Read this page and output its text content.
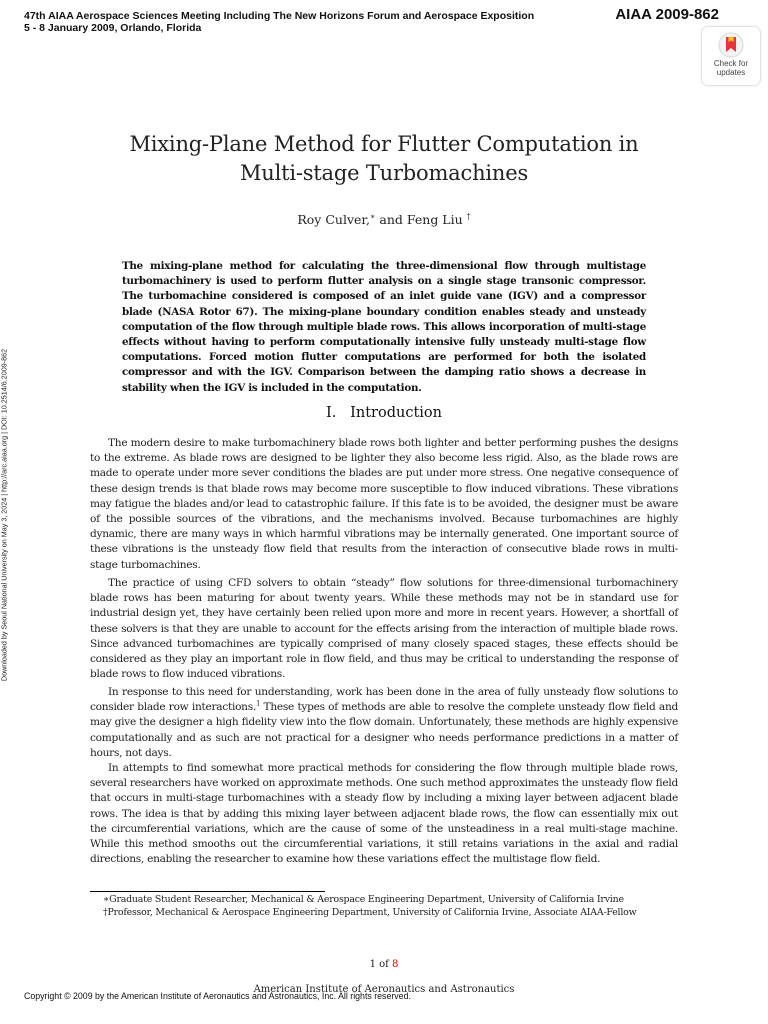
47th AIAA Aerospace Sciences Meeting Including The New Horizons Forum and Aerospace Exposition
5 - 8 January 2009, Orlando, Florida
AIAA 2009-862
Check for
updates
Downloaded by Seoul National University on May 3, 2024 | http://arc.aiaa.org | DOI: 10.2514/6.2009-862
Mixing-Plane Method for Flutter Computation in
Multi-stage Turbomachines
Roy Culver,∗ and Feng Liu †

The mixing-plane method for calculating the three-dimensional flow through multistage turbomachinery is used to perform flutter analysis on a single stage transonic compressor. The turbomachine considered is composed of an inlet guide vane (IGV) and a compressor blade (NASA Rotor 67). The mixing-plane boundary condition enables steady and unsteady computation of the flow through multiple blade rows. This allows incorporation of multi-stage effects without having to perform computationally intensive fully unsteady multi-stage flow computations. Forced motion flutter computations are performed for both the isolated compressor and with the IGV. Comparison between the damping ratio shows a decrease in stability when the IGV is included in the computation.

I. Introduction

The modern desire to make turbomachinery blade rows both lighter and better performing pushes the designs to the extreme. As blade rows are designed to be lighter they also become less rigid. Also, as the blade rows are made to operate under more sever conditions the blades are put under more stress. One negative consequence of these design trends is that blade rows may become more susceptible to flow induced vibrations. These vibrations may fatigue the blades and/or lead to catastrophic failure. If this fate is to be avoided, the designer must be aware of the possible sources of the vibrations, and the mechanisms involved. Because turbomachines are highly dynamic, there are many ways in which harmful vibrations may be internally generated. One important source of these vibrations is the unsteady flow field that results from the interaction of consecutive blade rows in multi-stage turbomachines.

The practice of using CFD solvers to obtain “steady” flow solutions for three-dimensional turbomachinery blade rows has been maturing for about twenty years. While these methods may not be in standard use for industrial design yet, they have certainly been relied upon more and more in recent years. However, a shortfall of these solvers is that they are unable to account for the effects arising from the interaction of multiple blade rows. Since advanced turbomachines are typically comprised of many closely spaced stages, these effects should be considered as they play an important role in flow field, and thus may be critical to understanding the response of blade rows to flow induced vibrations.

In response to this need for understanding, work has been done in the area of fully unsteady flow solutions to consider blade row interactions.$^1$ These types of methods are able to resolve the complete unsteady flow field and may give the designer a high fidelity view into the flow domain. Unfortunately, these methods are highly expensive computationally and as such are not practical for a designer who needs performance predictions in a matter of hours, not days.

In attempts to find somewhat more practical methods for considering the flow through multiple blade rows, several researchers have worked on approximate methods. One such method approximates the unsteady flow field that occurs in multi-stage turbomachines with a steady flow by including a mixing layer between adjacent blade rows. The idea is that by adding this mixing layer between adjacent blade rows, the flow can essentially mix out the circumferential variations, which are the cause of some of the unsteadiness in a real multi-stage machine. While this method smooths out the circumferential variations, it still retains variations in the axial and radial directions, enabling the researcher to examine how these variations effect the multistage flow field.

∗Graduate Student Researcher, Mechanical & Aerospace Engineering Department, University of California Irvine
†Professor, Mechanical & Aerospace Engineering Department, University of California Irvine, Associate AIAA-Fellow
1 of 8
American Institute of Aeronautics and Astronautics
Copyright © 2009 by the American Institute of Aeronautics and Astronautics, Inc. All rights reserved.
